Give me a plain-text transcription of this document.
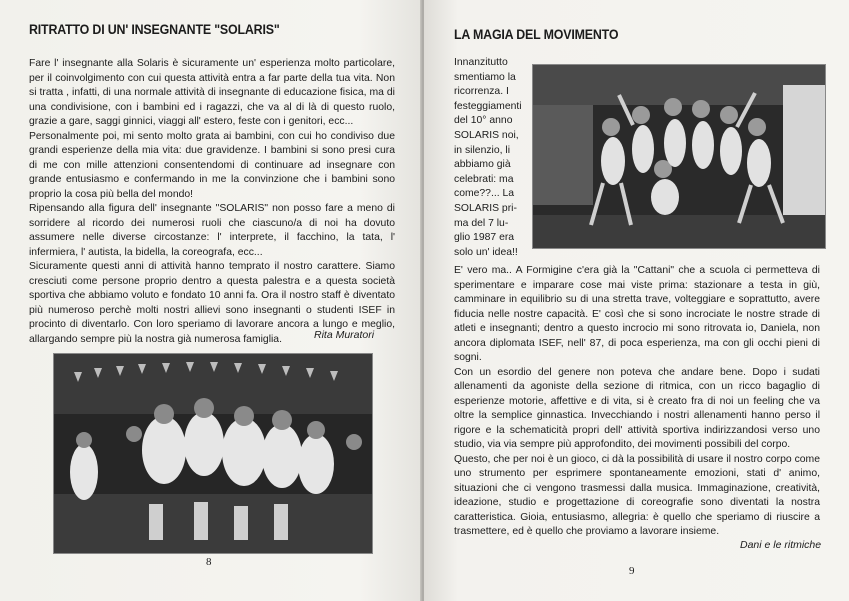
RITRATTO DI UN' INSEGNANTE "SOLARIS"

Fare l' insegnante alla Solaris è sicuramente un' esperienza molto particolare, per il coinvolgimento con cui questa attività entra a far parte della tua vita. Non si tratta , infatti, di una normale attività di insegnante di educazione fisica, ma di una condivisione, con i bambini ed i ragazzi, che va al di là di questo ruolo, grazie a gare, saggi ginnici, viaggi all' estero, feste con i genitori, ecc...

Personalmente poi, mi sento molto grata ai bambini, con cui ho condiviso due grandi esperienze della mia vita: due gravidenze. I bambini si sono presi cura di me con mille attenzioni consentendomi di continuare ad insegnare con grande entusiasmo e confermando in me la convinzione che i bambini sono proprio la cosa più bella del mondo!

Ripensando alla figura dell' insegnante "SOLARIS" non posso fare a meno di sorridere al ricordo dei numerosi ruoli che ciascuno/a di noi ha dovuto assumere nelle diverse circostanze: l' interprete, il facchino, la tata, l' infermiera, l' autista, la bidella, la coreografa, ecc...

Sicuramente questi anni di attività hanno temprato il nostro carattere. Siamo cresciuti come persone proprio dentro a questa palestra e a questa società sportiva che abbiamo voluto e fondato 10 anni fa. Ora il nostro staff è diventato più numeroso perchè molti nostri allievi sono insegnanti o studenti ISEF in procinto di diventarlo. Con loro speriamo di lavorare ancora a lungo e meglio, allargando sempre più la nostra già numerosa famiglia.	Rita Muratori
8
LA MAGIA DEL MOVIMENTO
Innanzitutto
smentiamo la
ricorrenza. I
festeggiamenti
del 10° anno
SOLARIS noi,
in silenzio, li
abbiamo già
celebrati: ma
come??... La
SOLARIS pri-
ma del 7 lu-
glio 1987 era
solo un' idea!!

E' vero ma.. A Formigine c'era già la "Cattani" che a scuola ci permetteva di sperimentare e imparare cose mai viste prima: stazionare a testa in giù, camminare in equilibrio su di una stretta trave, volteggiare e soprattutto, avere fiducia nelle nostre capacità. E' così che si sono incrociate le nostre strade di atleti e insegnanti; dentro a questo incrocio mi sono ritrovata io, Daniela, non ancora diplomata ISEF, nell' 87, di poca esperienza, ma con gli occhi pieni di sogni.

Con un esordio del genere non poteva che andare bene. Dopo i sudati allenamenti da agoniste della sezione di ritmica, con un ricco bagaglio di esperienze motorie, affettive e di vita, si è creato fra di noi un feeling che va oltre la semplice ginnastica. Invecchiando i nostri allenamenti hanno perso il rigore e la schematicità propri dell' attività sportiva indirizzandosi verso uno studio, via via sempre più approfondito, dei movimenti possibili del corpo.

Questo, che per noi è un gioco, ci dà la possibilità di usare il nostro corpo come uno strumento per esprimere spontaneamente emozioni, stati d' animo, situazioni che ci vengono trasmessi dalla musica. Immaginazione, creatività, ideazione, studio e progettazione di coreografie sono diventati la nostra caratteristica. Gioia, entusiasmo, allegria: è quello che speriamo di riuscire a trasmettere, ed è quello che proviamo a lavorare insieme.

Dani e le ritmiche
9
